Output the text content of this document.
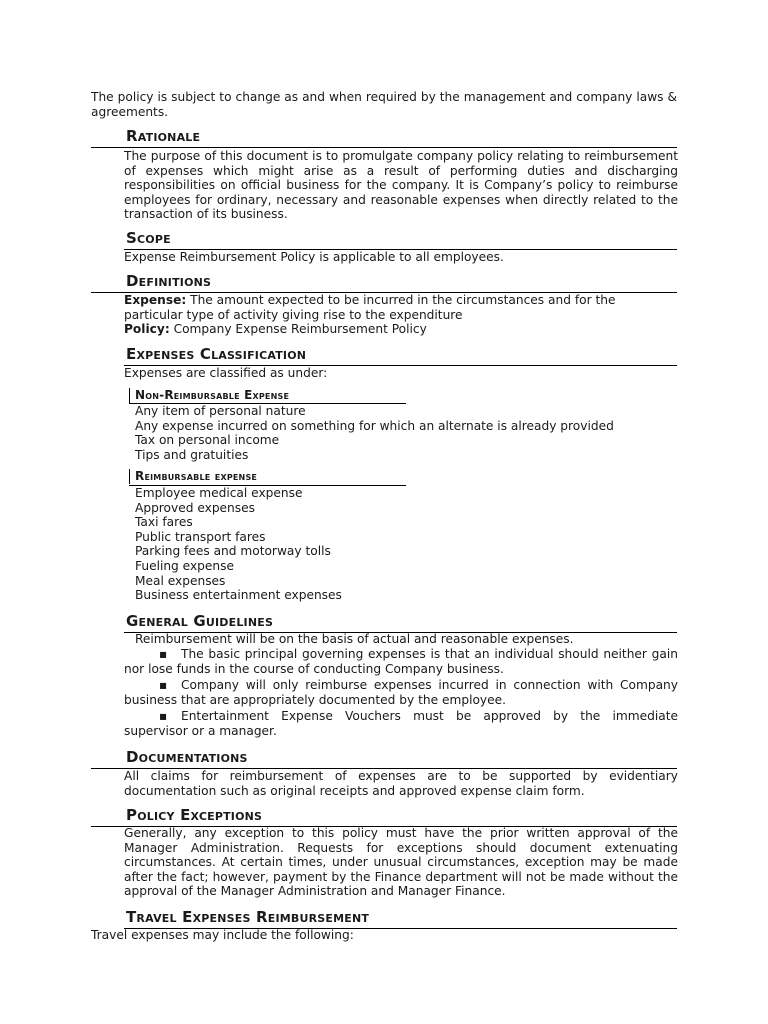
The policy is subject to change as and when required by the management and company laws & agreements.
Rationale
The purpose of this document is to promulgate company policy relating to reimbursement of expenses which might arise as a result of performing duties and discharging responsibilities on official business for the company. It is Company’s policy to reimburse employees for ordinary, necessary and reasonable expenses when directly related to the transaction of its business.
Scope
Expense Reimbursement Policy is applicable to all employees.
Definitions

Expense: The amount expected to be incurred in the circumstances and for the particular type of activity giving rise to the expenditure

Policy: Company Expense Reimbursement Policy

Expenses Classification
Expenses are classified as under:
Non-Reimbursable Expense
Any item of personal nature
Any expense incurred on something for which an alternate is already provided
Tax on personal income
Tips and gratuities
Reimbursable expense
Employee medical expense
Approved expenses
Taxi fares
Public transport fares
Parking fees and motorway tolls
Fueling expense
Meal expenses
Business entertainment expenses
General Guidelines
Reimbursement will be on the basis of actual and reasonable expenses.
▪ The basic principal governing expenses is that an individual should neither gain nor lose funds in the course of conducting Company business.
▪ Company will only reimburse expenses incurred in connection with Company business that are appropriately documented by the employee.
▪ Entertainment Expense Vouchers must be approved by the immediate supervisor or a manager.
Documentations
All claims for reimbursement of expenses are to be supported by evidentiary documentation such as original receipts and approved expense claim form.
Policy Exceptions
Generally, any exception to this policy must have the prior written approval of the Manager Administration. Requests for exceptions should document extenuating circumstances. At certain times, under unusual circumstances, exception may be made after the fact; however, payment by the Finance department will not be made without the approval of the Manager Administration and Manager Finance.
Travel Expenses Reimbursement
Travel expenses may include the following:
